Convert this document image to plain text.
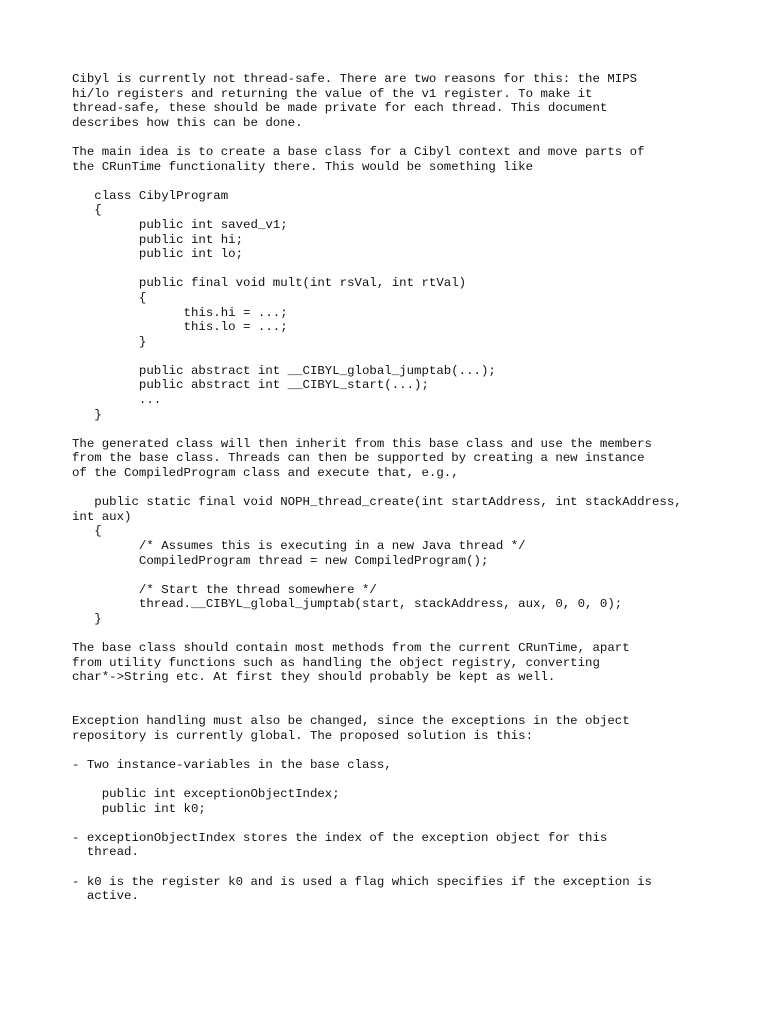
Cibyl is currently not thread-safe. There are two reasons for this: the MIPS
hi/lo registers and returning the value of the v1 register. To make it
thread-safe, these should be made private for each thread. This document
describes how this can be done.
The main idea is to create a base class for a Cibyl context and move parts of
the CRunTime functionality there. This would be something like
class CibylProgram
{
public int saved_v1;
public int hi;
public int lo;
public final void mult(int rsVal, int rtVal)
{
this.hi = ...;
this.lo = ...;
}
public abstract int __CIBYL_global_jumptab(...);
public abstract int __CIBYL_start(...);
...
}
The generated class will then inherit from this base class and use the members
from the base class. Threads can then be supported by creating a new instance
of the CompiledProgram class and execute that, e.g.,
public static final void NOPH_thread_create(int startAddress, int stackAddress,
int aux)
{
/* Assumes this is executing in a new Java thread */
CompiledProgram thread = new CompiledProgram();
/* Start the thread somewhere */
thread.__CIBYL_global_jumptab(start, stackAddress, aux, 0, 0, 0);
}
The base class should contain most methods from the current CRunTime, apart
from utility functions such as handling the object registry, converting
char*->String etc. At first they should probably be kept as well.
Exception handling must also be changed, since the exceptions in the object
repository is currently global. The proposed solution is this:
- Two instance-variables in the base class,
public int exceptionObjectIndex;
public int k0;
- exceptionObjectIndex stores the index of the exception object for this
thread.
- k0 is the register k0 and is used a flag which specifies if the exception is
active.
